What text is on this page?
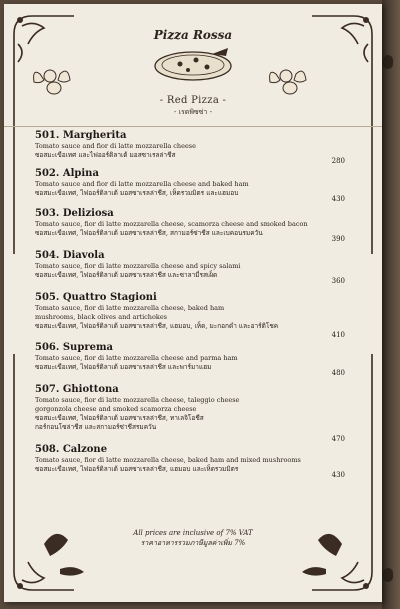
Pizza Rossa
- Red Pizza -
- เรดพิซซ่า -

501. Margherita

Tomato sauce and fior di latte mozzarella cheese

ซอสมะเขือเทศ และไฟออร์ดิลาเต้ มอสซาเรลล่าชีส

280

502. Alpina

Tomato sauce and fior di latte mozzarella cheese and baked ham

ซอสมะเขือเทศ, ไฟออร์ดิลาเต้ มอสซาเรลล่าชีส, เห็ดรวมมิตร และแฮมอบ

430

503. Deliziosa

Tomato sauce, fior di latte mozzarella cheese, scamorza cheese and smoked bacon

ซอสมะเขือเทศ, ไฟออร์ดิลาเต้ มอสซาเรลล่าชีส, สกามอร์ซ่าชีส และเบคอนรมควัน

390

504. Diavola

Tomato sauce, fior di latte mozzarella cheese and spicy salami

ซอสมะเขือเทศ, ไฟออร์ดิลาเต้ มอสซาเรลล่าชีส และซาลามี่รสเผ็ด

360

505. Quattro Stagioni

Tomato sauce, fior di latte mozzarella cheese, baked ham

mushrooms, black olives and artichokes

ซอสมะเขือเทศ, ไฟออร์ดิลาเต้ มอสซาเรลล่าชีส, แฮมอบ, เห็ด, มะกอกดำ และอาร์ติโชค

410

506. Suprema

Tomato sauce, fior di latte mozzarella cheese and parma ham

ซอสมะเขือเทศ, ไฟออร์ดิลาเต้ มอสซาเรลล่าชีส และพาร์มาแฮม

480

507. Ghiottona

Tomato sauce, fior di latte mozzarella cheese, taleggio cheese

gorgonzola cheese and smoked scamorza cheese

ซอสมะเขือเทศ, ไฟออร์ดิลาเต้ มอสซาเรลล่าชีส, ทาเลจิโอชีส

กอร์กอนโซล่าชีส และสกามอร์ซ่าชีสรมควัน

470

508. Calzone

Tomato sauce, fior di latte mozzarella cheese, baked ham and mixed mushrooms

ซอสมะเขือเทศ, ไฟออร์ดิลาเต้ มอสซาเรลล่าชีส, แฮมอบ และเห็ดรวมมิตร

430
All prices are inclusive of 7% VAT
ราคาอาหารรวมภาษีมูลค่าเพิ่ม 7%
